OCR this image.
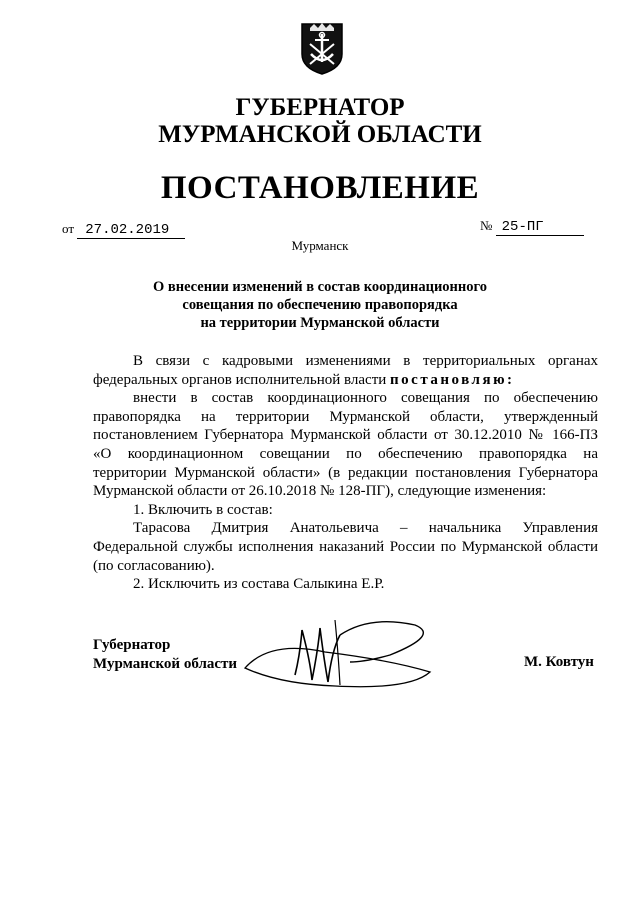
ГУБЕРНАТОР
МУРМАНСКОЙ ОБЛАСТИ
ПОСТАНОВЛЕНИЕ
от 27.02.2019	№ 25-ПГ
Мурманск
О внесении изменений в состав координационного
совещания по обеспечению правопорядка
на территории Мурманской области

В связи с кадровыми изменениями в территориальных органах

федеральных органов исполнительной власти постановляю:

внести в состав координационного совещания по обеспечению

правопорядка на территории Мурманской области, утвержденный

постановлением Губернатора Мурманской области от 30.12.2010 № 166-ПЗ

«О координационном совещании по обеспечению правопорядка на

территории Мурманской области» (в редакции постановления Губернатора

Мурманской области от 26.10.2018 № 128-ПГ), следующие изменения:

1. Включить в состав:

Тарасова Дмитрия Анатольевича – начальника Управления

Федеральной службы исполнения наказаний России по Мурманской области

(по согласованию).

2. Исключить из состава Салыкина Е.Р.

Губернатор
Мурманской области	М. Ковтун
